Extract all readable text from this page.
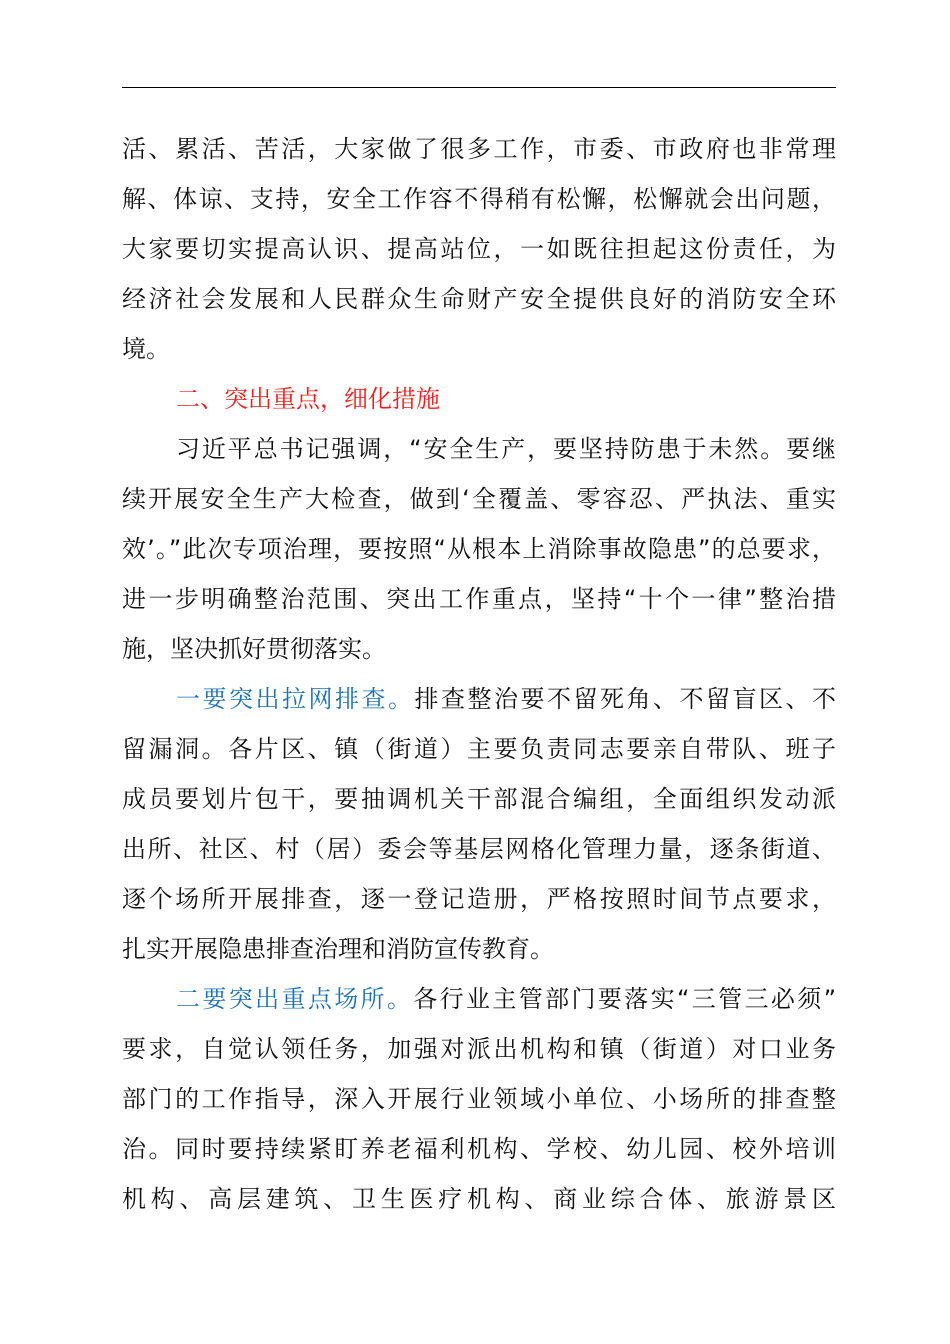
活、累活、苦活，大家做了很多工作，市委、市政府也非常理
解、体谅、支持，安全工作容不得稍有松懈，松懈就会出问题，
大家要切实提高认识、提高站位，一如既往担起这份责任，为
经济社会发展和人民群众生命财产安全提供良好的消防安全环
境。
二、突出重点，细化措施
习近平总书记强调，“安全生产，要坚持防患于未然。要继
续开展安全生产大检查，做到‘全覆盖、零容忍、严执法、重实
效’。”此次专项治理，要按照“从根本上消除事故隐患”的总要求，
进一步明确整治范围、突出工作重点，坚持“十个一律”整治措
施，坚决抓好贯彻落实。
一要突出拉网排查。排查整治要不留死角、不留盲区、不
留漏洞。各片区、镇（街道）主要负责同志要亲自带队、班子
成员要划片包干，要抽调机关干部混合编组，全面组织发动派
出所、社区、村（居）委会等基层网格化管理力量，逐条街道、
逐个场所开展排查，逐一登记造册，严格按照时间节点要求，
扎实开展隐患排查治理和消防宣传教育。
二要突出重点场所。各行业主管部门要落实“三管三必须”
要求，自觉认领任务，加强对派出机构和镇（街道）对口业务
部门的工作指导，深入开展行业领域小单位、小场所的排查整
治。同时要持续紧盯养老福利机构、学校、幼儿园、校外培训
机构、高层建筑、卫生医疗机构、商业综合体、旅游景区
